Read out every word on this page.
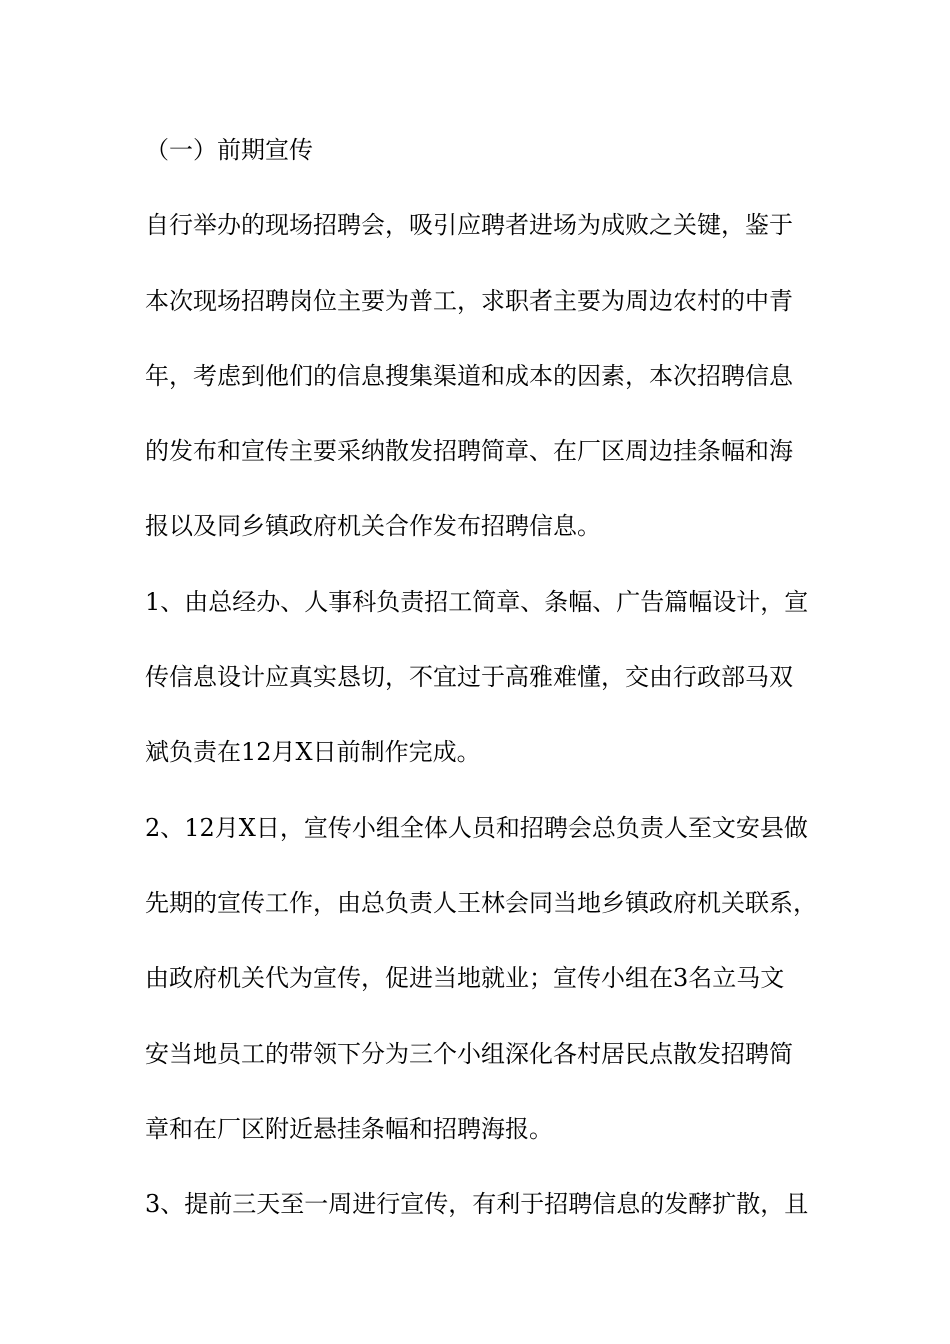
（一）前期宣传
自行举办的现场招聘会，吸引应聘者进场为成败之关键，鉴于
本次现场招聘岗位主要为普工，求职者主要为周边农村的中青
年，考虑到他们的信息搜集渠道和成本的因素，本次招聘信息
的发布和宣传主要采纳散发招聘简章、在厂区周边挂条幅和海
报以及同乡镇政府机关合作发布招聘信息。
1、由总经办、人事科负责招工简章、条幅、广告篇幅设计，宣
传信息设计应真实恳切，不宜过于高雅难懂，交由行政部马双
斌负责在12月X日前制作完成。
2、12月X日，宣传小组全体人员和招聘会总负责人至文安县做
先期的宣传工作，由总负责人王林会同当地乡镇政府机关联系，
由政府机关代为宣传，促进当地就业；宣传小组在3名立马文
安当地员工的带领下分为三个小组深化各村居民点散发招聘简
章和在厂区附近悬挂条幅和招聘海报。
3、提前三天至一周进行宣传，有利于招聘信息的发酵扩散，且
